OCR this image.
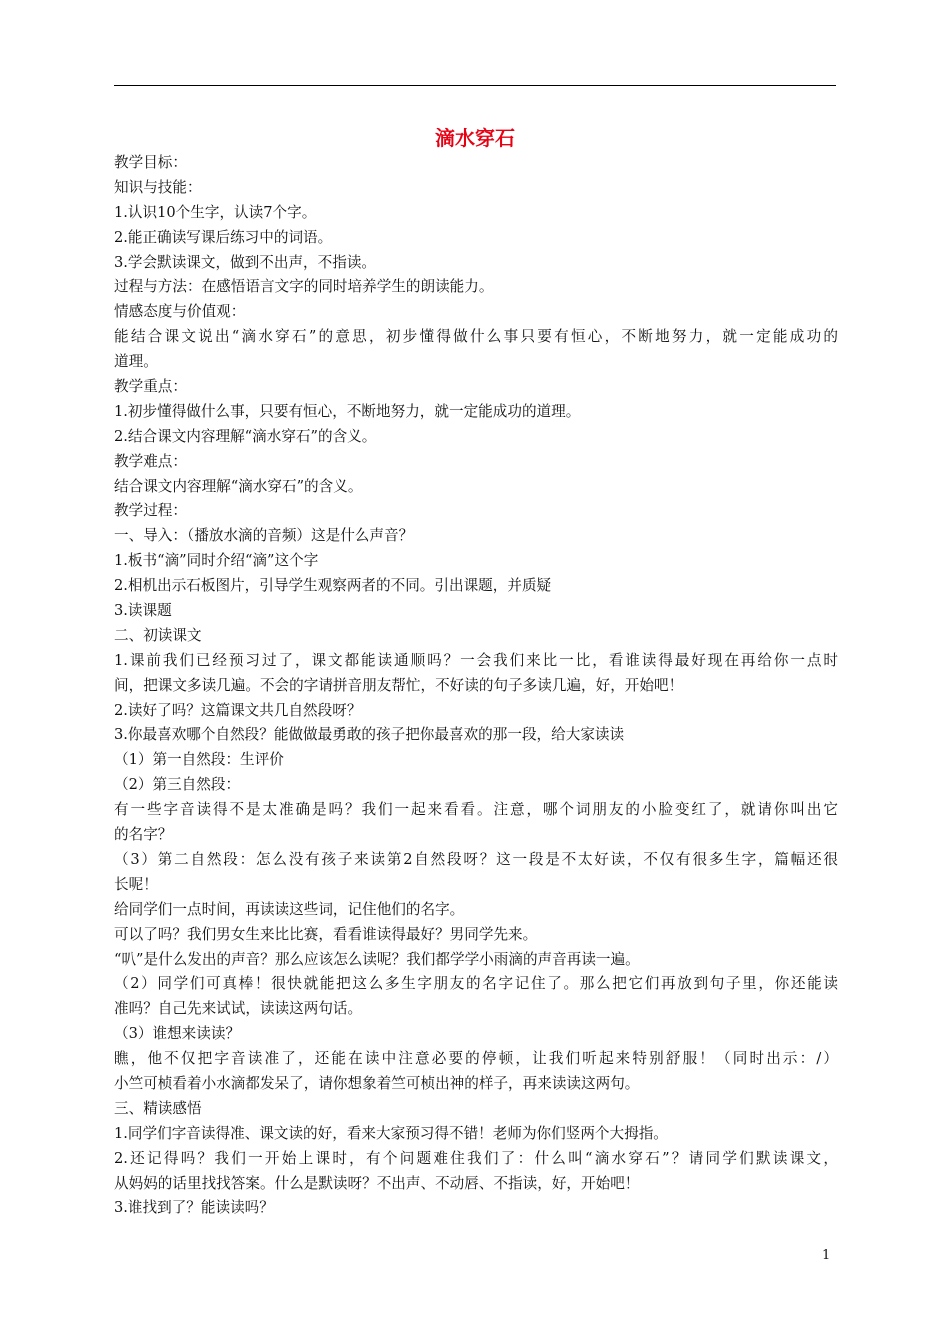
滴水穿石
教学目标：
知识与技能：
1.认识10个生字，认读7个字。
2.能正确读写课后练习中的词语。
3.学会默读课文，做到不出声，不指读。
过程与方法：在感悟语言文字的同时培养学生的朗读能力。
情感态度与价值观：
能结合课文说出“滴水穿石”的意思，初步懂得做什么事只要有恒心，不断地努力，就一定能成功的
道理。
教学重点：
1.初步懂得做什么事，只要有恒心，不断地努力，就一定能成功的道理。
2.结合课文内容理解“滴水穿石”的含义。
教学难点：
结合课文内容理解“滴水穿石”的含义。
教学过程：
一、导入：（播放水滴的音频）这是什么声音？
1.板书“滴”同时介绍“滴”这个字
2.相机出示石板图片，引导学生观察两者的不同。引出课题，并质疑
3.读课题
二、初读课文
1.课前我们已经预习过了，课文都能读通顺吗？一会我们来比一比，看谁读得最好现在再给你一点时
间，把课文多读几遍。不会的字请拼音朋友帮忙，不好读的句子多读几遍，好，开始吧！
2.读好了吗？这篇课文共几自然段呀？
3.你最喜欢哪个自然段？能做做最勇敢的孩子把你最喜欢的那一段，给大家读读
（1）第一自然段：生评价
（2）第三自然段：
有一些字音读得不是太准确是吗？我们一起来看看。注意，哪个词朋友的小脸变红了，就请你叫出它
的名字？
（3）第二自然段：怎么没有孩子来读第2自然段呀？这一段是不太好读，不仅有很多生字，篇幅还很
长呢！
给同学们一点时间，再读读这些词，记住他们的名字。
可以了吗？我们男女生来比比赛，看看谁读得最好？男同学先来。
“叭”是什么发出的声音？那么应该怎么读呢？我们都学学小雨滴的声音再读一遍。
（2）同学们可真棒！很快就能把这么多生字朋友的名字记住了。那么把它们再放到句子里，你还能读
准吗？自己先来试试，读读这两句话。
（3）谁想来读读？
瞧，他不仅把字音读准了，还能在读中注意必要的停顿，让我们听起来特别舒服！（同时出示：/）
小竺可桢看着小水滴都发呆了，请你想象着竺可桢出神的样子，再来读读这两句。
三、精读感悟
1.同学们字音读得准、课文读的好，看来大家预习得不错！老师为你们竖两个大拇指。
2.还记得吗？我们一开始上课时，有个问题难住我们了：什么叫“滴水穿石”？请同学们默读课文，
从妈妈的话里找找答案。什么是默读呀？不出声、不动唇、不指读，好，开始吧！
3.谁找到了？能读读吗？
1
